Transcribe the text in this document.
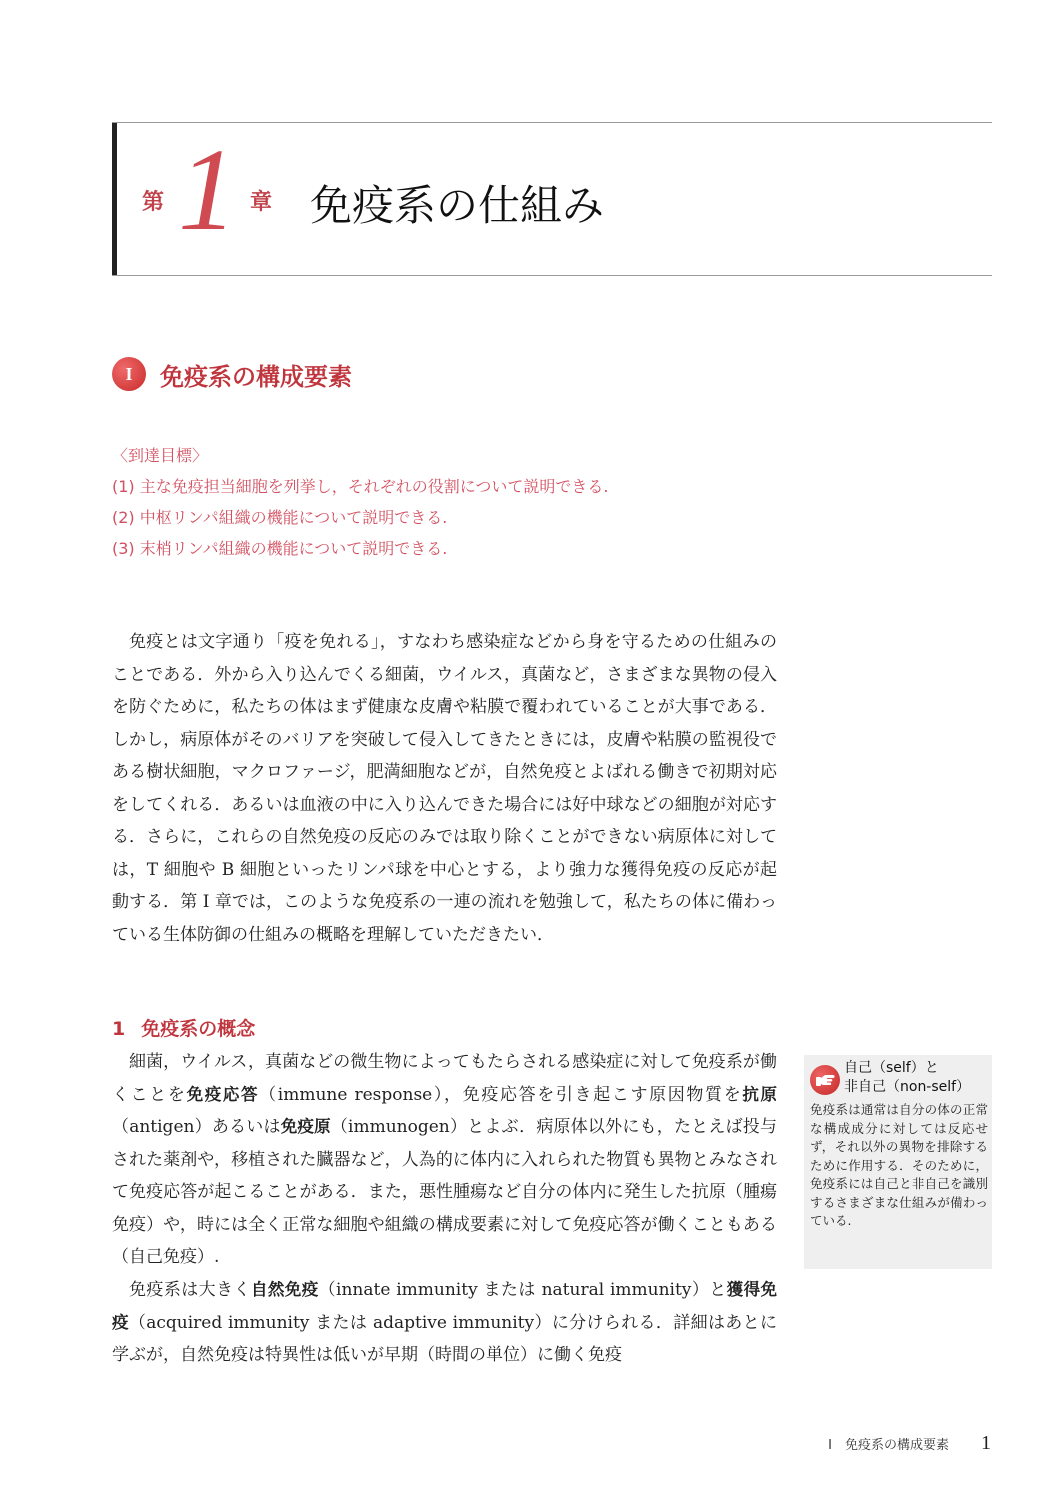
第 1 章 免疫系の仕組み
I	免疫系の構成要素
〈到達目標〉
(1) 主な免疫担当細胞を列挙し，それぞれの役割について説明できる.
(2) 中枢リンパ組織の機能について説明できる.
(3) 末梢リンパ組織の機能について説明できる.

免疫とは文字通り「疫を免れる」，すなわち感染症などから身を守るための仕組みのことである．外から入り込んでくる細菌，ウイルス，真菌など，さまざまな異物の侵入を防ぐために，私たちの体はまず健康な皮膚や粘膜で覆われていることが大事である．しかし，病原体がそのバリアを突破して侵入してきたときには，皮膚や粘膜の監視役である樹状細胞，マクロファージ，肥満細胞などが，自然免疫とよばれる働きで初期対応をしてくれる．あるいは血液の中に入り込んできた場合には好中球などの細胞が対応する．さらに，これらの自然免疫の反応のみでは取り除くことができない病原体に対しては，T 細胞や B 細胞といったリンパ球を中心とする，より強力な獲得免疫の反応が起動する．第 I 章では，このような免疫系の一連の流れを勉強して，私たちの体に備わっている生体防御の仕組みの概略を理解していただきたい．

1 免疫系の概念

細菌，ウイルス，真菌などの微生物によってもたらされる感染症に対して免疫系が働くことを免疫応答（immune response），免疫応答を引き起こす原因物質を抗原（antigen）あるいは免疫原（immunogen）とよぶ．病原体以外にも，たとえば投与された薬剤や，移植された臓器など，人為的に体内に入れられた物質も異物とみなされて免疫応答が起こることがある．また，悪性腫瘍など自分の体内に発生した抗原（腫瘍免疫）や，時には全く正常な細胞や組織の構成要素に対して免疫応答が働くこともある（自己免疫）.

免疫系は大きく自然免疫（innate immunity または natural immunity）と獲得免疫（acquired immunity または adaptive immunity）に分けられる．詳細はあとに学ぶが，自然免疫は特異性は低いが早期（時間の単位）に働く免疫

自己（self）と
非自己（non-self）
免疫系は通常は自分の体の正常な構成成分に対しては反応せず，それ以外の異物を排除するために作用する．そのために，免疫系には自己と非自己を識別するさまざまな仕組みが備わっている.
I　免疫系の構成要素 1
